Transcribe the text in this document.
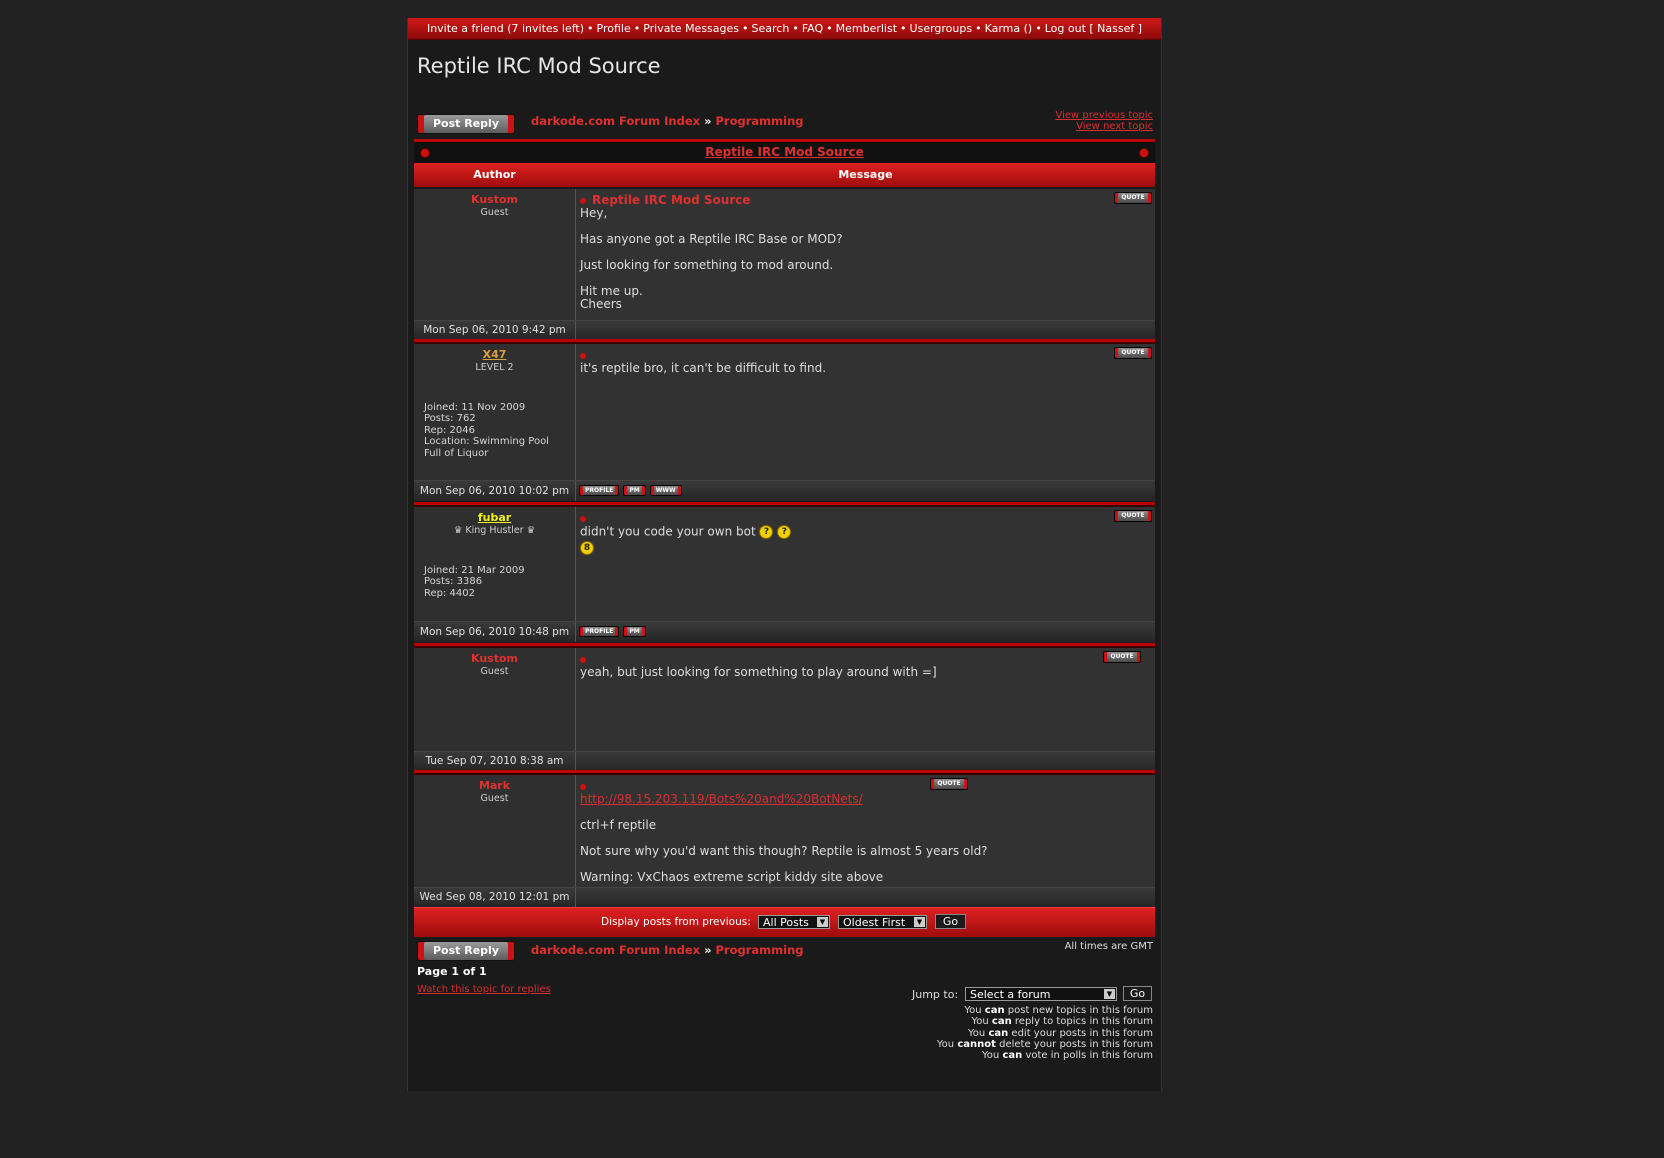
Invite a friend (7 invites left) • Profile • Private Messages • Search • FAQ • Memberlist • Usergroups • Karma () • Log out [ Nassef ]
Reptile IRC Mod Source
Post Reply	darkode.com Forum Index » Programming	View previous topic
View next topic
Reptile IRC Mod Source
Author	Message
Kustom
Guest
Reptile IRC Mod Source	QUOTE

Hey,

Has anyone got a Reptile IRC Base or MOD?

Just looking for something to mod around.

Hit me up.
Cheers
Mon Sep 06, 2010 9:42 pm
X47
LEVEL 2
Joined: 11 Nov 2009
Posts: 762
Rep: 2046
Location: Swimming Pool
Full of Liquor
QUOTE
it's reptile bro, it can't be difficult to find.
Mon Sep 06, 2010 10:02 pm	PROFILE	PM	WWW
fubar
♛ King Hustler ♛
Joined: 21 Mar 2009
Posts: 3386
Rep: 4402
QUOTE
didn't you code your own bot ? ?
8
Mon Sep 06, 2010 10:48 pm	PROFILE	PM
Kustom
Guest
QUOTE
yeah, but just looking for something to play around with =]
Tue Sep 07, 2010 8:38 am
Mark
Guest
QUOTE

http://98.15.203.119/Bots%20and%20BotNets/

ctrl+f reptile

Not sure why you'd want this though? Reptile is almost 5 years old?

Warning: VxChaos extreme script kiddy site above
Wed Sep 08, 2010 12:01 pm
Display posts from previous:	All Posts	▼	Oldest First	▼	Go
Post Reply	darkode.com Forum Index » Programming	All times are GMT
Page 1 of 1
Watch this topic for replies	Jump to:	Select a forum	▼	Go
You can post new topics in this forum
You can reply to topics in this forum
You can edit your posts in this forum
You cannot delete your posts in this forum
You can vote in polls in this forum
